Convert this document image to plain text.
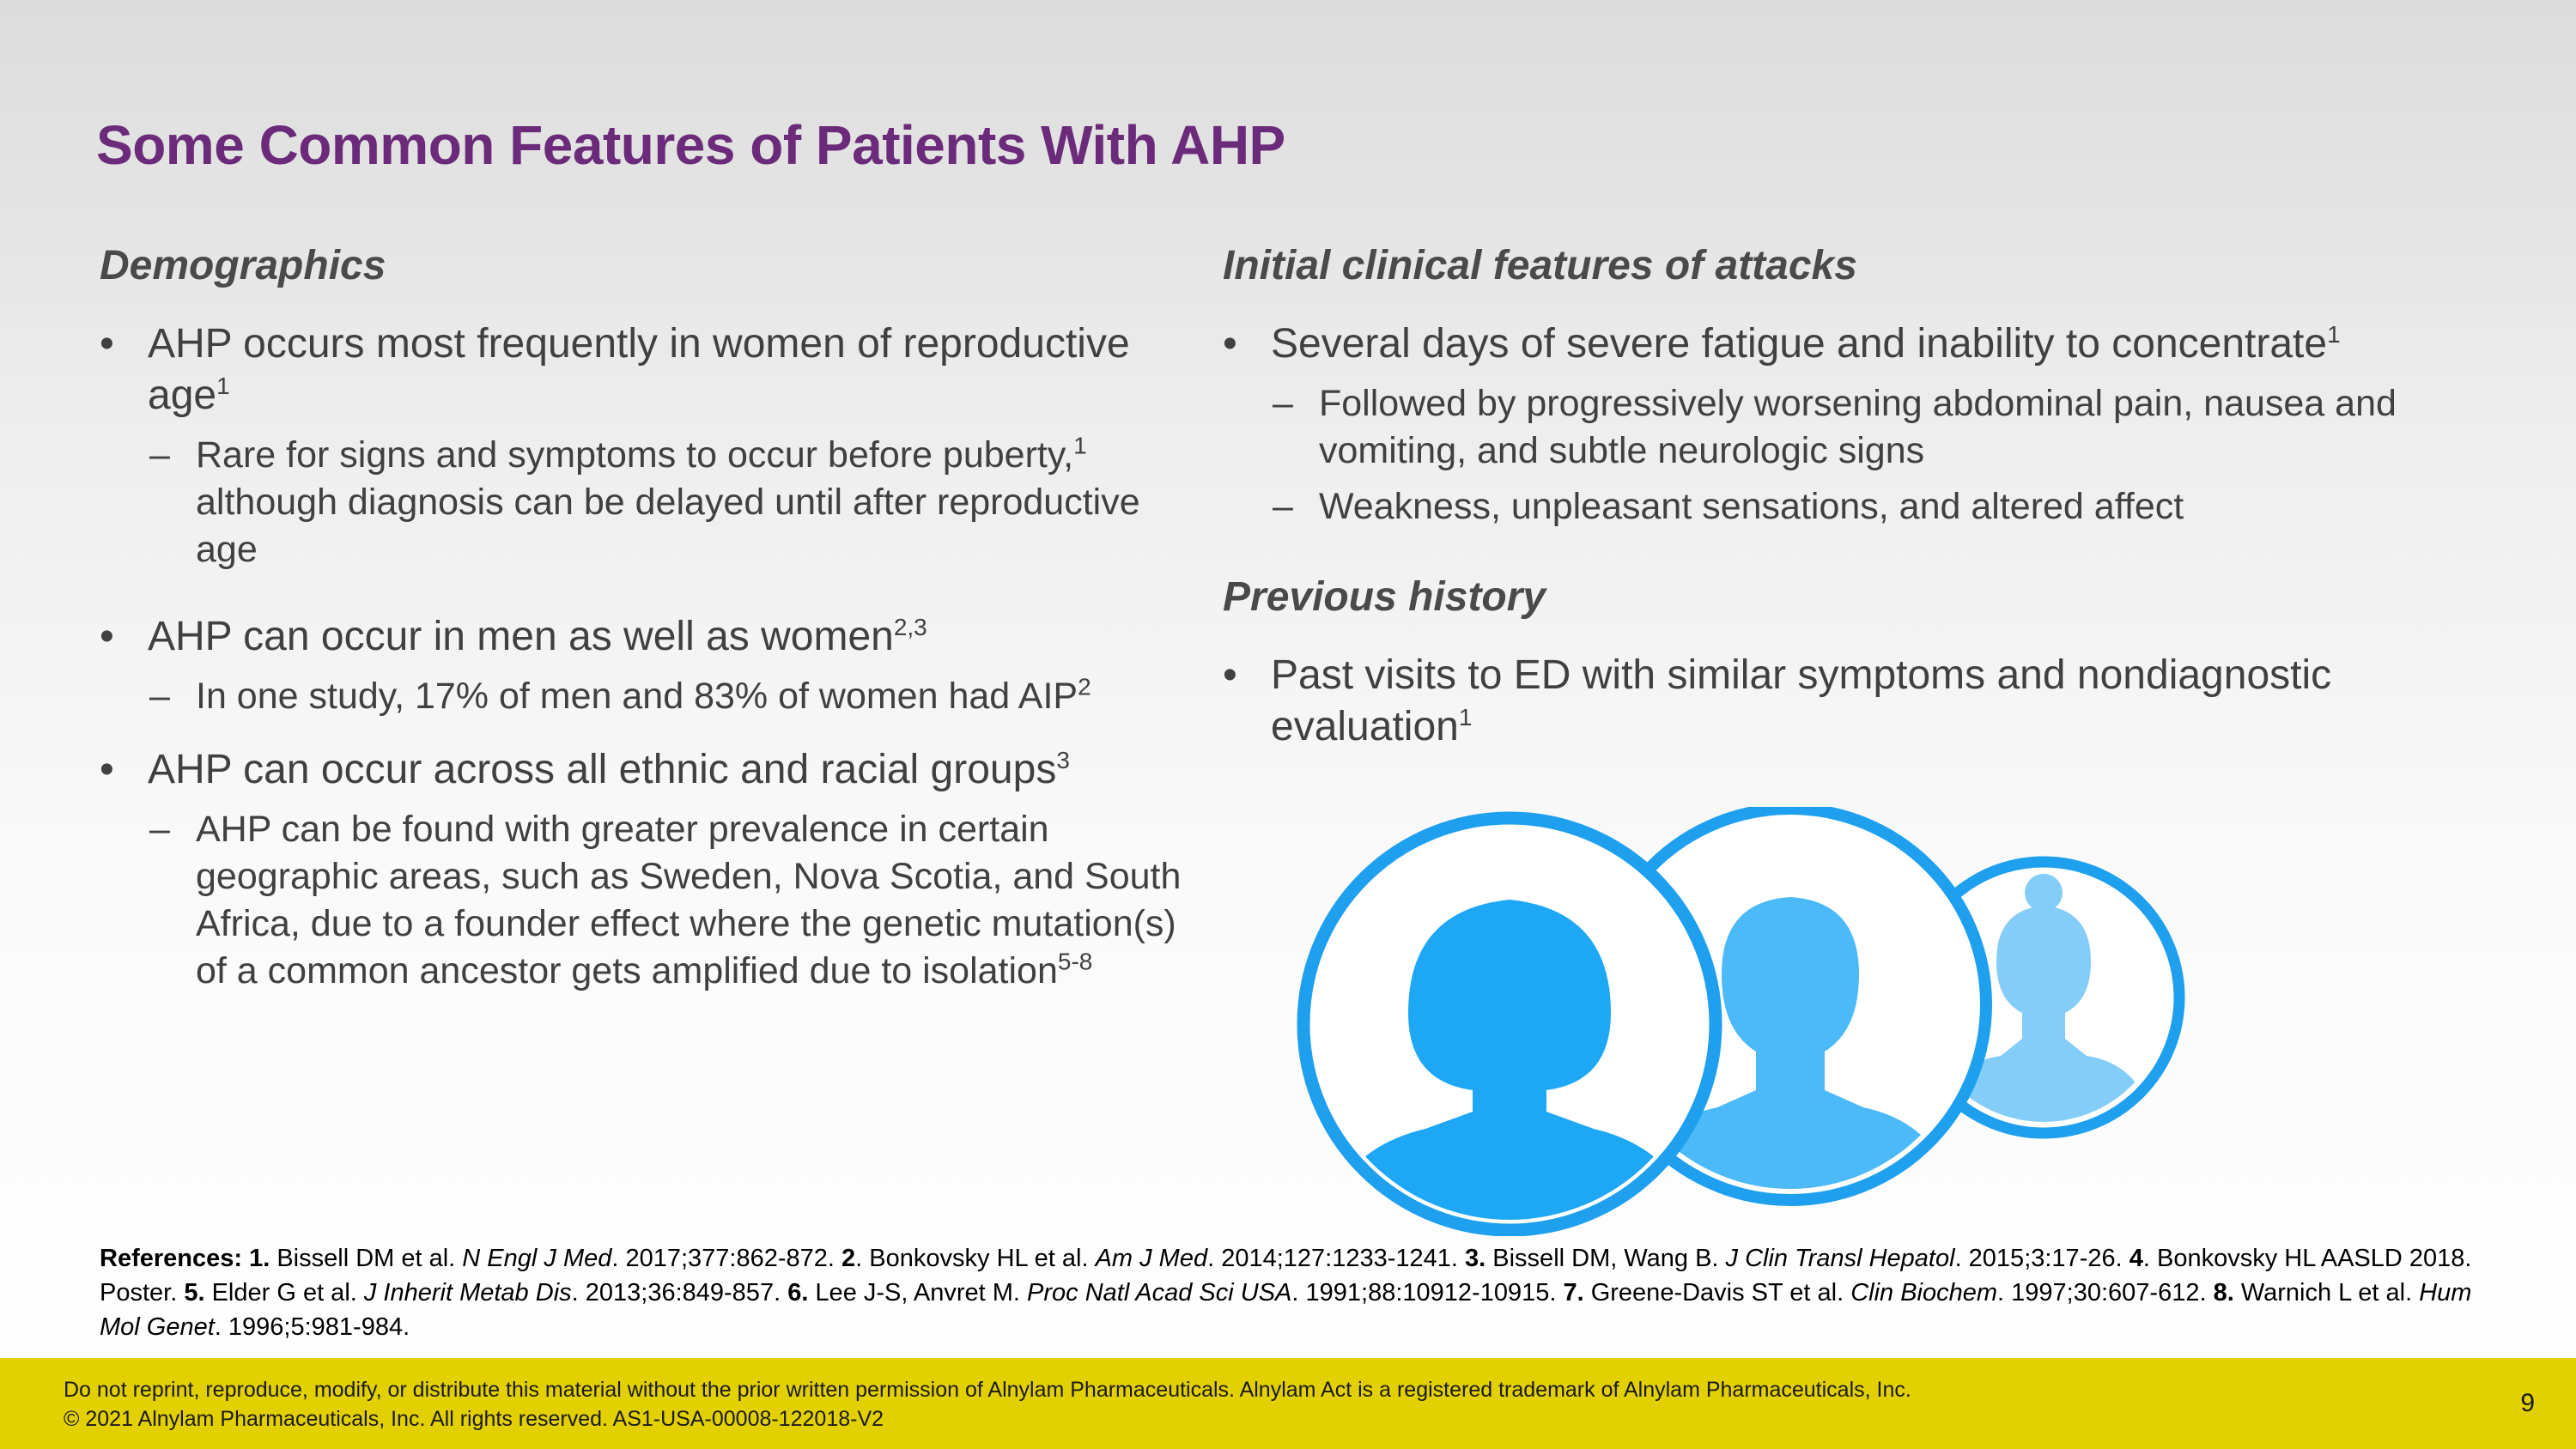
Some Common Features of Patients With AHP
Demographics
• AHP occurs most frequently in women of reproductive age$^1$
– Rare for signs and symptoms to occur before puberty,$^1$ although diagnosis can be delayed until after reproductive age
• AHP can occur in men as well as women$^{2,3}$
– In one study, 17% of men and 83% of women had AIP$^2$
• AHP can occur across all ethnic and racial groups$^3$
– AHP can be found with greater prevalence in certain geographic areas, such as Sweden, Nova Scotia, and South Africa, due to a founder effect where the genetic mutation(s) of a common ancestor gets amplified due to isolation$^{5-8}$
Initial clinical features of attacks
• Several days of severe fatigue and inability to concentrate$^1$
– Followed by progressively worsening abdominal pain, nausea and vomiting, and subtle neurologic signs
– Weakness, unpleasant sensations, and altered affect
Previous history
• Past visits to ED with similar symptoms and nondiagnostic evaluation$^1$
References: 1. Bissell DM et al. N Engl J Med. 2017;377:862-872. 2. Bonkovsky HL et al. Am J Med. 2014;127:1233-1241. 3. Bissell DM, Wang B. J Clin Transl Hepatol. 2015;3:17-26. 4. Bonkovsky HL AASLD 2018. Poster. 5. Elder G et al. J Inherit Metab Dis. 2013;36:849-857. 6. Lee J-S, Anvret M. Proc Natl Acad Sci USA. 1991;88:10912-10915. 7. Greene-Davis ST et al. Clin Biochem. 1997;30:607-612. 8. Warnich L et al. Hum Mol Genet. 1996;5:981-984.
Do not reprint, reproduce, modify, or distribute this material without the prior written permission of Alnylam Pharmaceuticals. Alnylam Act is a registered trademark of Alnylam Pharmaceuticals, Inc.
© 2021 Alnylam Pharmaceuticals, Inc. All rights reserved. AS1-USA-00008-122018-V2
9
